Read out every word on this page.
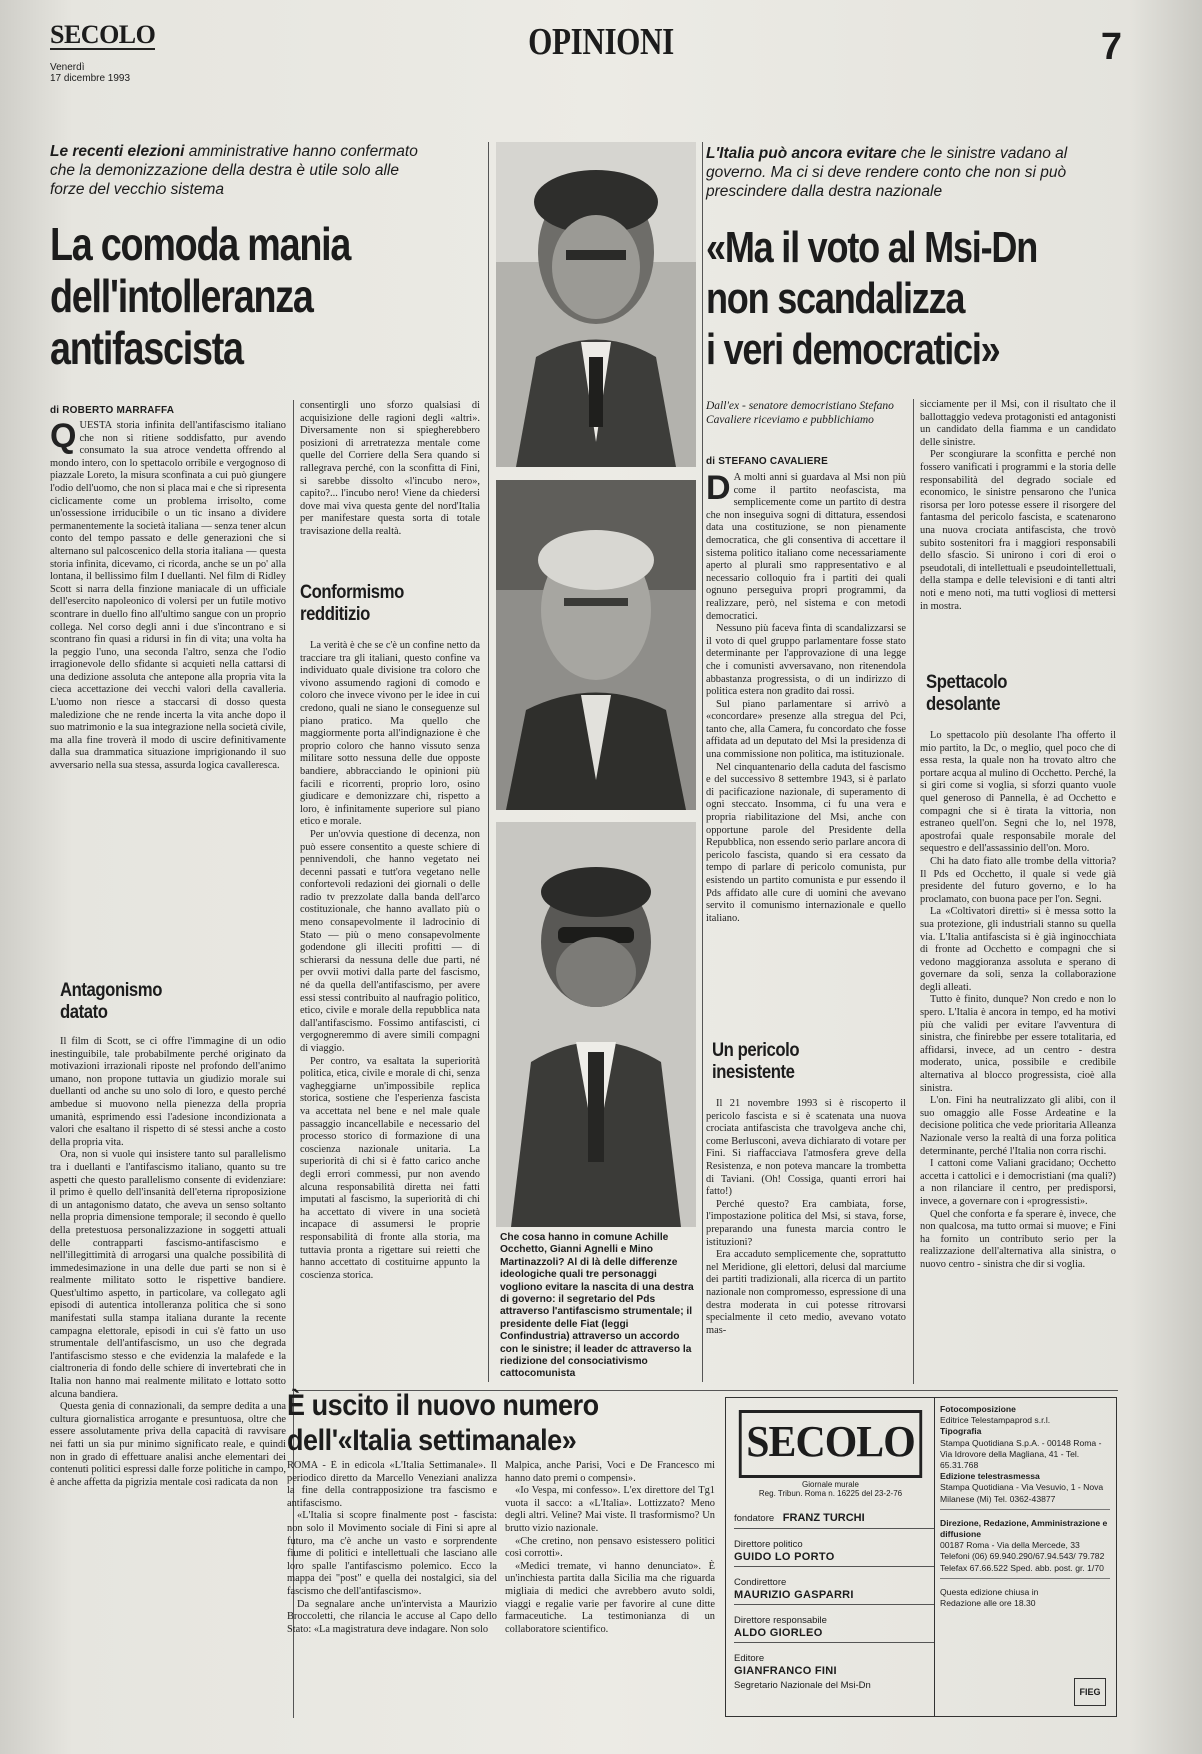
SECOLO
Venerdì
17 dicembre 1993
OPINIONI	7
Le recenti elezioni amministrative hanno confermato che la demonizzazione della destra è utile solo alle forze del vecchio sistema
La comoda mania
dell'intolleranza
antifascista
di ROBERTO MARRAFFA

QUESTA storia infinita dell'antifascismo italiano che non si ritiene soddisfatto, pur avendo consumato la sua atroce vendetta offrendo al mondo intero, con lo spettacolo orribile e vergognoso di piazzale Loreto, la misura sconfinata a cui può giungere l'odio dell'uomo, che non si placa mai e che si ripresenta ciclicamente come un problema irrisolto, come un'ossessione irriducibile o un tic insano a dividere permanentemente la società italiana — senza tener alcun conto del tempo passato e delle generazioni che si alternano sul palcoscenico della storia italiana — questa storia infinita, dicevamo, ci ricorda, anche se un po' alla lontana, il bellissimo film I duellanti. Nel film di Ridley Scott si narra della finzione maniacale di un ufficiale dell'esercito napoleonico di volersi per un futile motivo scontrare in duello fino all'ultimo sangue con un proprio collega. Nel corso degli anni i due s'incontrano e si scontrano fin quasi a ridursi in fin di vita; una volta ha la peggio l'uno, una seconda l'altro, senza che l'odio irragionevole dello sfidante si acquieti nella cattarsi di una dedizione assoluta che antepone alla propria vita la cieca accettazione dei vecchi valori della cavalleria. L'uomo non riesce a staccarsi di dosso questa maledizione che ne rende incerta la vita anche dopo il suo matrimonio e la sua integrazione nella società civile, ma alla fine troverà il modo di uscire definitivamente dalla sua drammatica situazione imprigionando il suo avversario nella sua stessa, assurda logica cavalleresca.

Antagonismo
datato

Il film di Scott, se ci offre l'immagine di un odio inestinguibile, tale probabilmente perché originato da motivazioni irrazionali riposte nel profondo dell'animo umano, non propone tuttavia un giudizio morale sui duellanti od anche su uno solo di loro, e questo perché ambedue si muovono nella pienezza della propria umanità, esprimendo essi l'adesione incondizionata a valori che esaltano il rispetto di sé stessi anche a costo della propria vita.

Ora, non si vuole qui insistere tanto sul parallelismo tra i duellanti e l'antifascismo italiano, quanto su tre aspetti che questo parallelismo consente di evidenziare: il primo è quello dell'insanità dell'eterna riproposizione di un antagonismo datato, che aveva un senso soltanto nella propria dimensione temporale; il secondo è quello della pretestuosa personalizzazione in soggetti attuali delle contrapparti fascismo-antifascismo e nell'illegittimità di arrogarsi una qualche possibilità di immedesimazione in una delle due parti se non si è realmente militato sotto le rispettive bandiere. Quest'ultimo aspetto, in particolare, va collegato agli episodi di autentica intolleranza politica che si sono manifestati sulla stampa italiana durante la recente campagna elettorale, episodi in cui s'è fatto un uso strumentale dell'antifascismo, un uso che degrada l'antifascismo stesso e che evidenzia la malafede e la cialtroneria di fondo delle schiere di invertebrati che in Italia non hanno mai realmente militato e lottato sotto alcuna bandiera.

Questa genìa di connazionali, da sempre dedita a una cultura giornalistica arrogante e presuntuosa, oltre che essere assolutamente priva della capacità di ravvisare nei fatti un sia pur minimo significato reale, e quindi non in grado di effettuare analisi anche elementari dei contenuti politici espressi dalle forze politiche in campo, è anche affetta da pigrizia mentale così radicata da non

consentirgli uno sforzo qualsiasi di acquisizione delle ragioni degli «altri». Diversamente non si spiegherebbero posizioni di arretratezza mentale come quelle del Corriere della Sera quando si rallegrava perché, con la sconfitta di Fini, si sarebbe dissolto «l'incubo nero», capito?... l'incubo nero! Viene da chiedersi dove mai viva questa gente del nord'Italia per manifestare questa sorta di totale travisazione della realtà.

Conformismo
redditizio

La verità è che se c'è un confine netto da tracciare tra gli italiani, questo confine va individuato quale divisione tra coloro che vivono assumendo ragioni di comodo e coloro che invece vivono per le idee in cui credono, quali ne siano le conseguenze sul piano pratico. Ma quello che maggiormente porta all'indignazione è che proprio coloro che hanno vissuto senza militare sotto nessuna delle due opposte bandiere, abbracciando le opinioni più facili e ricorrenti, proprio loro, osino giudicare e demonizzare chi, rispetto a loro, è infinitamente superiore sul piano etico e morale.

Per un'ovvia questione di decenza, non può essere consentito a queste schiere di pennivendoli, che hanno vegetato nei decenni passati e tutt'ora vegetano nelle confortevoli redazioni dei giornali o delle radio tv prezzolate dalla banda dell'arco costituzionale, che hanno avallato più o meno consapevolmente il ladrocinio di Stato — più o meno consapevolmente godendone gli illeciti profitti — di schierarsi da nessuna delle due parti, né per ovvii motivi dalla parte del fascismo, né da quella dell'antifascismo, per avere essi stessi contribuito al naufragio politico, etico, civile e morale della repubblica nata dall'antifascismo. Fossimo antifascisti, ci vergogneremmo di avere simili compagni di viaggio.

Per contro, va esaltata la superiorità politica, etica, civile e morale di chi, senza vagheggiarne un'impossibile replica storica, sostiene che l'esperienza fascista va accettata nel bene e nel male quale passaggio incancellabile e necessario del processo storico di formazione di una coscienza nazionale unitaria. La superiorità di chi si è fatto carico anche degli errori commessi, pur non avendo alcuna responsabilità diretta nei fatti imputati al fascismo, la superiorità di chi ha accettato di vivere in una società incapace di assumersi le proprie responsabilità di fronte alla storia, ma tuttavia pronta a rigettare sui reietti che hanno accettato di costituirne appunto la coscienza storica.

Che cosa hanno in comune Achille Occhetto, Gianni Agnelli e Mino Martinazzoli? Al di là delle differenze ideologiche quali tre personaggi vogliono evitare la nascita di una destra di governo: il segretario del Pds attraverso l'antifascismo strumentale; il presidente delle Fiat (leggi Confindustria) attraverso un accordo con le sinistre; il leader dc attraverso la riedizione del consociativismo cattocomunista
L'Italia può ancora evitare che le sinistre vadano al governo. Ma ci si deve rendere conto che non si può prescindere dalla destra nazionale
«Ma il voto al Msi-Dn
non scandalizza
i veri democratici»
Dall'ex - senatore democristiano Stefano Cavaliere riceviamo e pubblichiamo
di STEFANO CAVALIERE

D A molti anni si guardava al Msi non più come il partito neofascista, ma semplicemente come un partito di destra che non inseguiva sogni di dittatura, essendosi data una costituzione, se non pienamente democratica, che gli consentiva di accettare il sistema politico italiano come necessariamente aperto al plurali smo rappresentativo e al necessario colloquio fra i partiti dei quali ognuno perseguiva propri programmi, da realizzare, però, nel sistema e con metodi democratici.

Nessuno più faceva finta di scandalizzarsi se il voto di quel gruppo parlamentare fosse stato determinante per l'approvazione di una legge che i comunisti avversavano, non ritenendola abbastanza progressista, o di un indirizzo di politica estera non gradito dai rossi.

Sul piano parlamentare si arrivò a «concordare» presenze alla stregua del Pci, tanto che, alla Camera, fu concordato che fosse affidata ad un deputato del Msi la presidenza di una commissione non politica, ma istituzionale.

Nel cinquantenario della caduta del fascismo e del successivo 8 settembre 1943, si è parlato di pacificazione nazionale, di superamento di ogni steccato. Insomma, ci fu una vera e propria riabilitazione del Msi, anche con opportune parole del Presidente della Repubblica, non essendo serio parlare ancora di pericolo fascista, quando si era cessato da tempo di parlare di pericolo comunista, pur esistendo un partito comunista e pur essendo il Pds affidato alle cure di uomini che avevano servito il comunismo internazionale e quello italiano.

Un pericolo
inesistente

Il 21 novembre 1993 si è riscoperto il pericolo fascista e si è scatenata una nuova crociata antifascista che travolgeva anche chi, come Berlusconi, aveva dichiarato di votare per Fini. Si riaffacciava l'atmosfera greve della Resistenza, e non poteva mancare la trombetta di Taviani. (Oh! Cossiga, quanti errori hai fatto!)

Perché questo? Era cambiata, forse, l'impostazione politica del Msi, si stava, forse, preparando una funesta marcia contro le istituzioni?

Era accaduto semplicemente che, soprattutto nel Meridione, gli elettori, delusi dal marciume dei partiti tradizionali, alla ricerca di un partito nazionale non compromesso, espressione di una destra moderata in cui potesse ritrovarsi specialmente il ceto medio, avevano votato mas-

sicciamente per il Msi, con il risultato che il ballottaggio vedeva protagonisti ed antagonisti un candidato della fiamma e un candidato delle sinistre.

Per scongiurare la sconfitta e perché non fossero vanificati i programmi e la storia delle responsabilità del degrado sociale ed economico, le sinistre pensarono che l'unica risorsa per loro potesse essere il risorgere del fantasma del pericolo fascista, e scatenarono una nuova crociata antifascista, che trovò subito sostenitori fra i maggiori responsabili dello sfascio. Si unirono i cori di eroi o pseudotali, di intellettuali e pseudointellettuali, della stampa e delle televisioni e di tanti altri noti e meno noti, ma tutti vogliosi di mettersi in mostra.

Spettacolo
desolante

Lo spettacolo più desolante l'ha offerto il mio partito, la Dc, o meglio, quel poco che di essa resta, la quale non ha trovato altro che portare acqua al mulino di Occhetto. Perché, la si giri come si voglia, si sforzi quanto vuole quel generoso di Pannella, è ad Occhetto e compagni che si è tirata la vittoria, non estraneo quell'on. Segni che lo, nel 1978, apostrofai quale responsabile morale del sequestro e dell'assassinio dell'on. Moro.

Chi ha dato fiato alle trombe della vittoria? Il Pds ed Occhetto, il quale si vede già presidente del futuro governo, e lo ha proclamato, con buona pace per l'on. Segni.

La «Coltivatori diretti» si è messa sotto la sua protezione, gli industriali stanno su quella via. L'Italia antifascista si è già inginocchiata di fronte ad Occhetto e compagni che si vedono maggioranza assoluta e sperano di governare da soli, senza la collaborazione degli alleati.

Tutto è finito, dunque? Non credo e non lo spero. L'Italia è ancora in tempo, ed ha motivi più che validi per evitare l'avventura di sinistra, che finirebbe per essere totalitaria, ed affidarsi, invece, ad un centro - destra moderato, unica, possibile e credibile alternativa al blocco progressista, cioè alla sinistra.

L'on. Fini ha neutralizzato gli alibi, con il suo omaggio alle Fosse Ardeatine e la decisione politica che vede prioritaria Alleanza Nazionale verso la realtà di una forza politica determinante, perché l'Italia non corra rischi.

I cattoni come Valiani gracidano; Occhetto accetta i cattolici e i democristiani (ma quali?) a non rilanciare il centro, per predisporsi, invece, a governare con i «progressisti».

Quel che conforta e fa sperare è, invece, che non qualcosa, ma tutto ormai si muove; e Fini ha fornito un contributo serio per la realizzazione dell'alternativa alla sinistra, o nuovo centro - sinistra che dir si voglia.

È uscito il nuovo numero
dell'«Italia settimanale»

ROMA - È in edicola «L'Italia Settimanale». Il periodico diretto da Marcello Veneziani analizza la fine della contrapposizione tra fascismo e antifascismo.

«L'Italia si scopre finalmente post - fascista: non solo il Movimento sociale di Fini si apre al futuro, ma c'è anche un vasto e sorprendente fiume di politici e intellettuali che lasciano alle loro spalle l'antifascismo polemico. Ecco la mappa dei "post" e quella dei nostalgici, sia del fascismo che dell'antifascismo».

Da segnalare anche un'intervista a Maurizio Broccoletti, che rilancia le accuse al Capo dello Stato: «La magistratura deve indagare. Non solo

Malpica, anche Parisi, Voci e De Francesco mi hanno dato premi o compensi».

«Io Vespa, mi confesso». L'ex direttore del Tg1 vuota il sacco: a «L'Italia». Lottizzato? Meno degli altri. Veline? Mai viste. Il trasformismo? Un brutto vizio nazionale.

«Che cretino, non pensavo esistessero politici così corrotti».

«Medici tremate, vi hanno denunciato». È un'inchiesta partita dalla Sicilia ma che riguarda migliaia di medici che avrebbero avuto soldi, viaggi e regalie varie per favorire al cune ditte farmaceutiche. La testimonianza di un collaboratore scientifico.

SECOLO
Giornale murale
Reg. Tribun. Roma n. 16225 del 23-2-76
fondatore FRANZ TURCHI
Direttore politico
GUIDO LO PORTO
Condirettore
MAURIZIO GASPARRI
Direttore responsabile
ALDO GIORLEO
Editore
GIANFRANCO FINI
Segretario Nazionale del Msi-Dn
Fotocomposizione
Editrice Telestampaprod s.r.l.
Tipografia
Stampa Quotidiana S.p.A. - 00148 Roma - Via Idrovore della Magliana, 41 - Tel. 65.31.768
Edizione telestrasmessa
Stampa Quotidiana - Via Vesuvio, 1 - Nova Milanese (Mi) Tel. 0362-43877
Direzione, Redazione, Amministrazione e diffusione
00187 Roma - Via della Mercede, 33 Telefoni (06) 69.940.290/67.94.543/ 79.782 Telefax 67.66.522 Sped. abb. post. gr. 1/70
Questa edizione chiusa in Redazione alle ore 18.30
FIEG
